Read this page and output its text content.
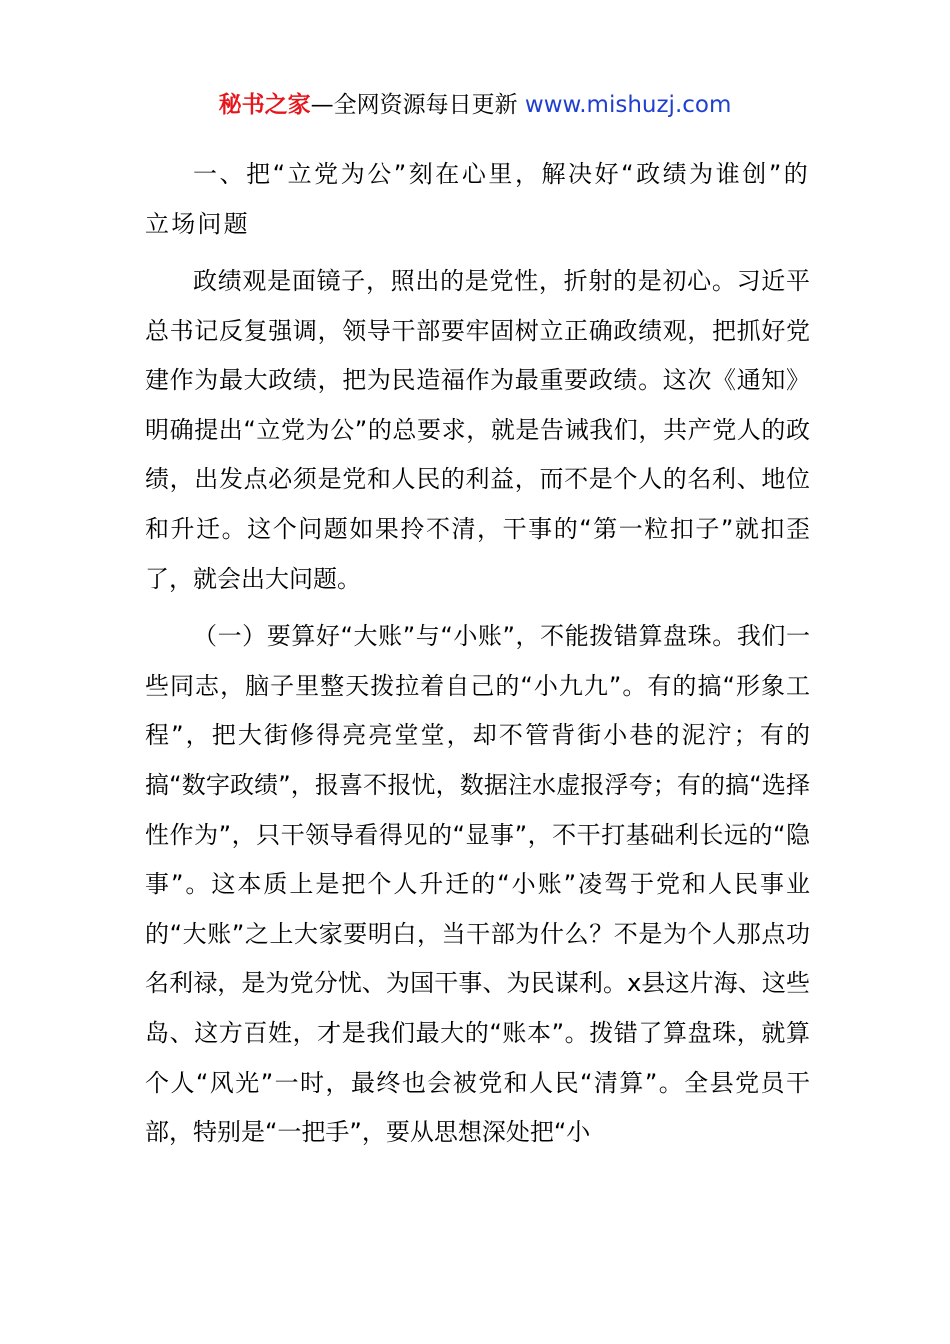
秘书之家—全网资源每日更新 www.mishuzj.com

一、把“立党为公”刻在心里，解决好“政绩为谁创”的立场问题

政绩观是面镜子，照出的是党性，折射的是初心。习近平总书记反复强调，领导干部要牢固树立正确政绩观，把抓好党建作为最大政绩，把为民造福作为最重要政绩。这次《通知》明确提出“立党为公”的总要求，就是告诫我们，共产党人的政绩，出发点必须是党和人民的利益，而不是个人的名利、地位和升迁。这个问题如果拎不清，干事的“第一粒扣子”就扣歪了，就会出大问题。

（一）要算好“大账”与“小账”，不能拨错算盘珠。我们一些同志，脑子里整天拨拉着自己的“小九九”。有的搞“形象工程”，把大街修得亮亮堂堂，却不管背街小巷的泥泞；有的搞“数字政绩”，报喜不报忧，数据注水虚报浮夸；有的搞“选择性作为”，只干领导看得见的“显事”，不干打基础利长远的“隐事”。这本质上是把个人升迁的“小账”凌驾于党和人民事业的“大账”之上大家要明白，当干部为什么？不是为个人那点功名利禄，是为党分忧、为国干事、为民谋利。x县这片海、这些岛、这方百姓，才是我们最大的“账本”。拨错了算盘珠，就算个人“风光”一时，最终也会被党和人民“清算”。全县党员干部，特别是“一把手”，要从思想深处把“小
